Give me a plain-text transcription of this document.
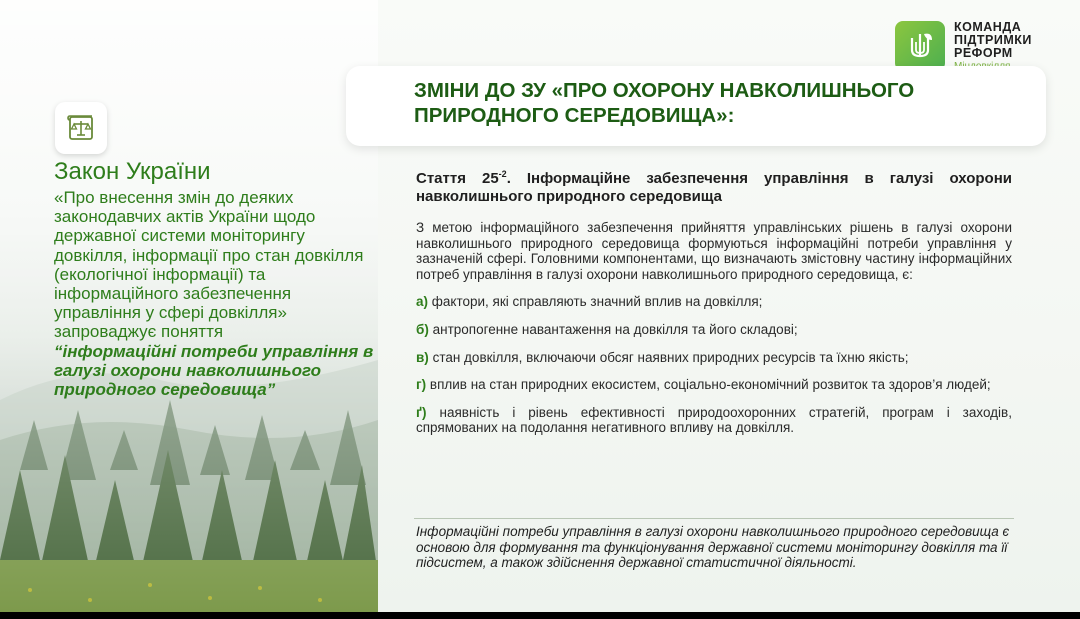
Закон України
«Про внесення змін до деяких законодавчих актів України щодо державної системи моніторингу довкілля, інформації про стан довкілля (екологічної інформації) та інформаційного забезпечення управління у сфері довкілля» запроваджує поняття
“інформаційні потреби управління в галузі охорони навколишнього природного середовища”
КОМАНДА
ПІДТРИМКИ
РЕФОРМ
ЗМІНИ ДО ЗУ «ПРО ОХОРОНУ НАВКОЛИШНЬОГО ПРИРОДНОГО СЕРЕДОВИЩА»:

Стаття $25^{-2}$. Інформаційне забезпечення управління в галузі охорони навколишнього природного середовища

З метою інформаційного забезпечення прийняття управлінських рішень в галузі охорони навколишнього природного середовища формуються інформаційні потреби управління у зазначеній сфері. Головними компонентами, що визначають змістовну частину інформаційних потреб управління в галузі охорони навколишнього природного середовища, є:

а) фактори, які справляють значний вплив на довкілля;

б) антропогенне навантаження на довкілля та його складові;

в) стан довкілля, включаючи обсяг наявних природних ресурсів та їхню якість;

г) вплив на стан природних екосистем, соціально-економічний розвиток та здоров’я людей;

ґ) наявність і рівень ефективності природоохоронних стратегій, програм і заходів, спрямованих на подолання негативного впливу на довкілля.

Інформаційні потреби управління в галузі охорони навколишнього природного середовища є основою для формування та функціонування державної системи моніторингу довкілля та її підсистем, а також здійснення державної статистичної діяльності.
